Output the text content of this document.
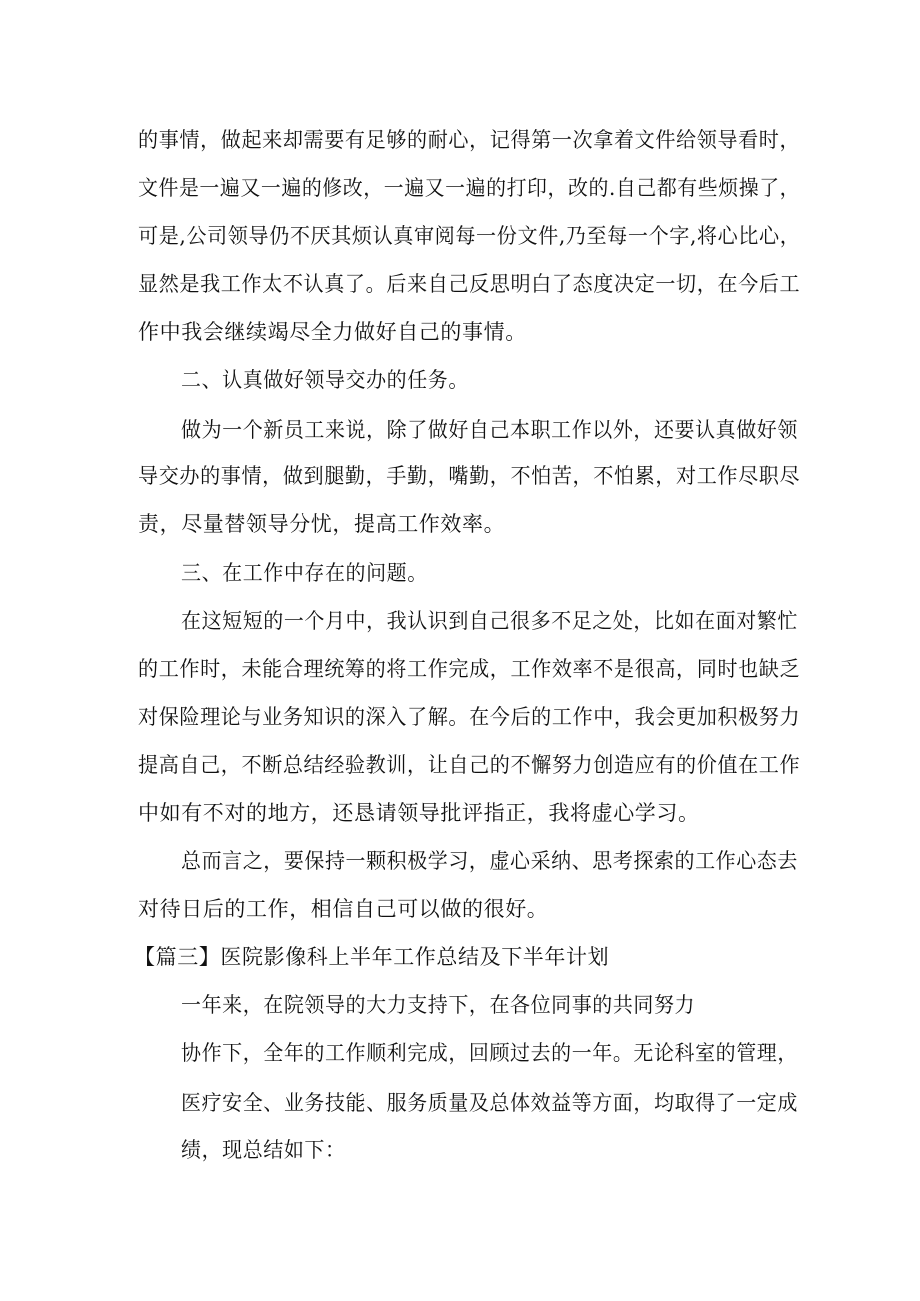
的事情，做起来却需要有足够的耐心，记得第一次拿着文件给领导看时，
文件是一遍又一遍的修改，一遍又一遍的打印，改的.自己都有些烦操了，
可是,公司领导仍不厌其烦认真审阅每一份文件,乃至每一个字,将心比心，
显然是我工作太不认真了。后来自己反思明白了态度决定一切，在今后工
作中我会继续竭尽全力做好自己的事情。
二、认真做好领导交办的任务。
做为一个新员工来说，除了做好自己本职工作以外，还要认真做好领
导交办的事情，做到腿勤，手勤，嘴勤，不怕苦，不怕累，对工作尽职尽
责，尽量替领导分忧，提高工作效率。
三、在工作中存在的问题。
在这短短的一个月中，我认识到自己很多不足之处，比如在面对繁忙
的工作时，未能合理统筹的将工作完成，工作效率不是很高，同时也缺乏
对保险理论与业务知识的深入了解。在今后的工作中，我会更加积极努力
提高自己，不断总结经验教训，让自己的不懈努力创造应有的价值在工作
中如有不对的地方，还恳请领导批评指正，我将虚心学习。
总而言之，要保持一颗积极学习，虚心采纳、思考探索的工作心态去
对待日后的工作，相信自己可以做的很好。
【篇三】医院影像科上半年工作总结及下半年计划
一年来，在院领导的大力支持下，在各位同事的共同努力
协作下，全年的工作顺利完成，回顾过去的一年。无论科室的管理，
医疗安全、业务技能、服务质量及总体效益等方面，均取得了一定成
绩，现总结如下：
